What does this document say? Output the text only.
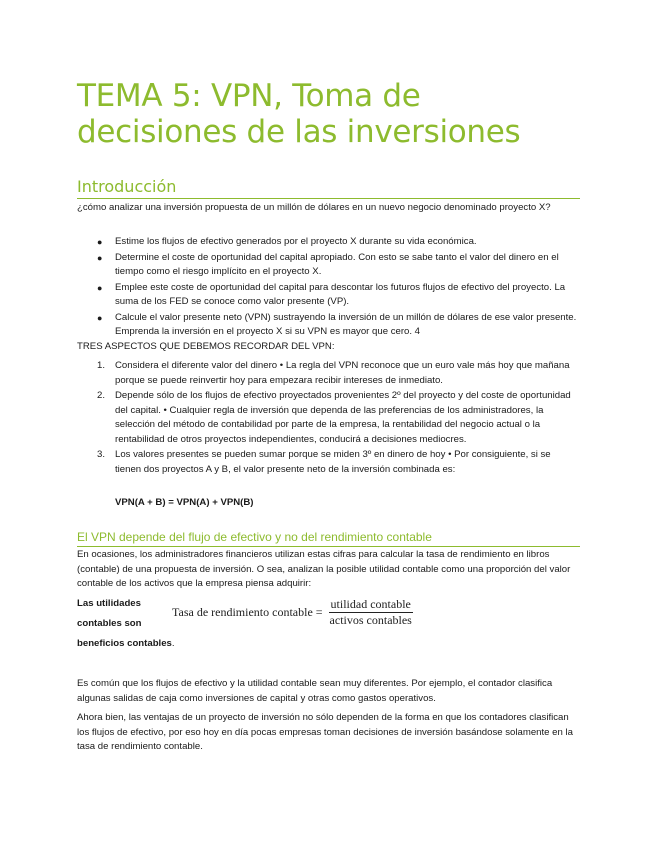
TEMA 5: VPN, Toma de
decisiones de las inversiones
Introducción

¿cómo analizar una inversión propuesta de un millón de dólares en un nuevo negocio denominado proyecto X?

● Estime los flujos de efectivo generados por el proyecto X durante su vida económica.
● Determine el coste de oportunidad del capital apropiado. Con esto se sabe tanto el valor del dinero en el tiempo como el riesgo implícito en el proyecto X.
● Emplee este coste de oportunidad del capital para descontar los futuros flujos de efectivo del proyecto. La suma de los FED se conoce como valor presente (VP).
● Calcule el valor presente neto (VPN) sustrayendo la inversión de un millón de dólares de ese valor presente. Emprenda la inversión en el proyecto X si su VPN es mayor que cero. 4

TRES ASPECTOS QUE DEBEMOS RECORDAR DEL VPN:

1. Considera el diferente valor del dinero • La regla del VPN reconoce que un euro vale más hoy que mañana porque se puede reinvertir hoy para empezara recibir intereses de inmediato.
2. Depende sólo de los flujos de efectivo proyectados provenientes 2º del proyecto y del coste de oportunidad del capital. • Cualquier regla de inversión que dependa de las preferencias de los administradores, la selección del método de contabilidad por parte de la empresa, la rentabilidad del negocio actual o la rentabilidad de otros proyectos independientes, conducirá a decisiones mediocres.
3. Los valores presentes se pueden sumar porque se miden 3º en dinero de hoy • Por consiguiente, si se tienen dos proyectos A y B, el valor presente neto de la inversión combinada es:

VPN(A + B) = VPN(A) + VPN(B)

El VPN depende del flujo de efectivo y no del rendimiento contable

En ocasiones, los administradores financieros utilizan estas cifras para calcular la tasa de rendimiento en libros (contable) de una propuesta de inversión. O sea, analizan la posible utilidad contable como una proporción del valor contable de los activos que la empresa piensa adquirir:

Las utilidades
contables son
beneficios contables.
Tasa de rendimiento contable = $\frac{\text{utilidad contable}}{\text{activos contables}}$

Es común que los flujos de efectivo y la utilidad contable sean muy diferentes. Por ejemplo, el contador clasifica algunas salidas de caja como inversiones de capital y otras como gastos operativos.

Ahora bien, las ventajas de un proyecto de inversión no sólo dependen de la forma en que los contadores clasifican los flujos de efectivo, por eso hoy en día pocas empresas toman decisiones de inversión basándose solamente en la tasa de rendimiento contable.
